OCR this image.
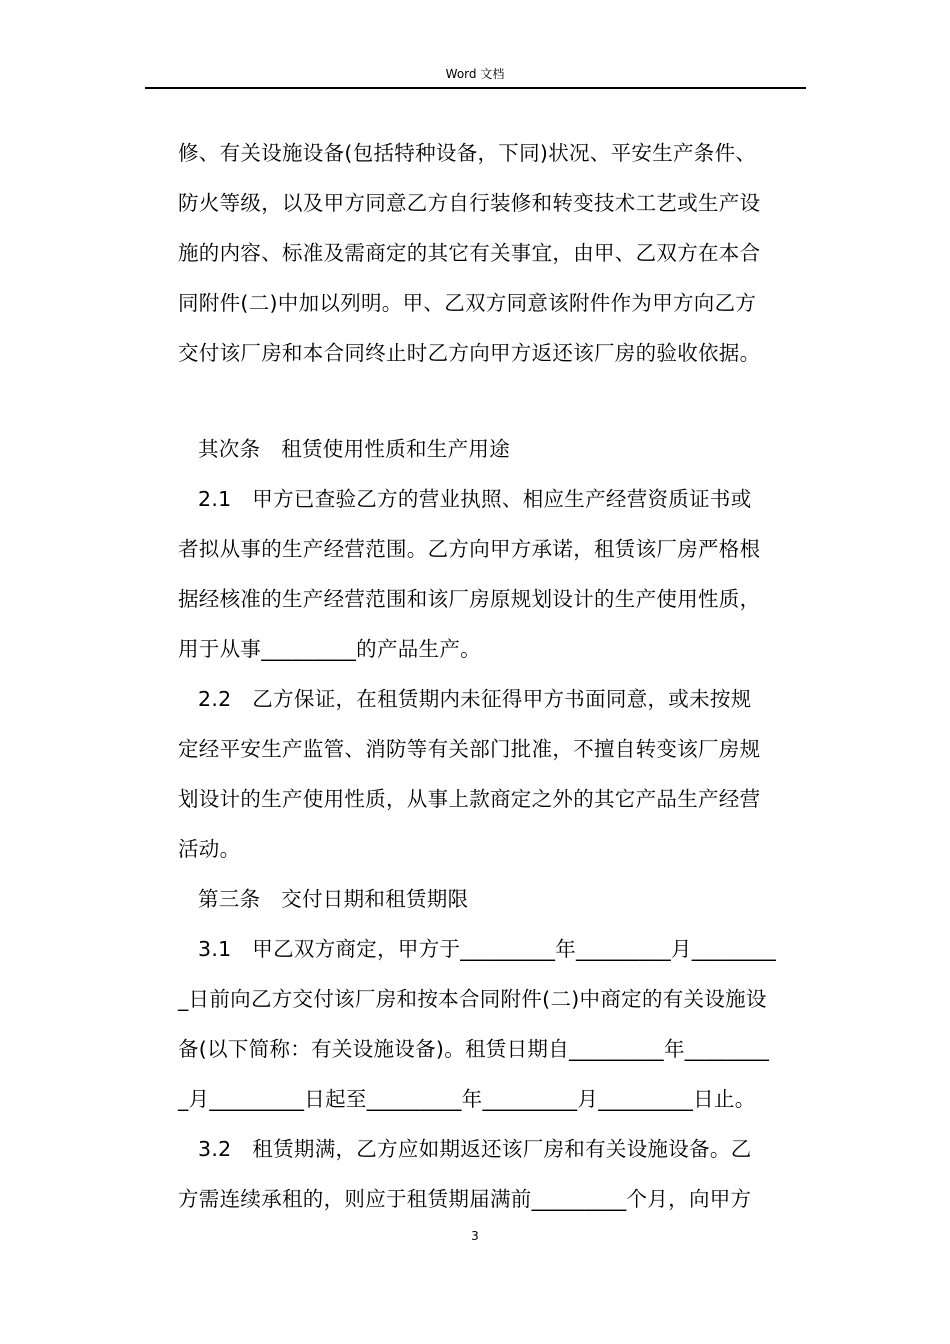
Word 文档
修、有关设施设备(包括特种设备，下同)状况、平安生产条件、
防火等级，以及甲方同意乙方自行装修和转变技术工艺或生产设
施的内容、标准及需商定的其它有关事宜，由甲、乙双方在本合
同附件(二)中加以列明。甲、乙双方同意该附件作为甲方向乙方
交付该厂房和本合同终止时乙方向甲方返还该厂房的验收依据。
其次条　租赁使用性质和生产用途
2.1　甲方已查验乙方的营业执照、相应生产经营资质证书或
者拟从事的生产经营范围。乙方向甲方承诺，租赁该厂房严格根
据经核准的生产经营范围和该厂房原规划设计的生产使用性质，
用于从事_________的产品生产。
2.2　乙方保证，在租赁期内未征得甲方书面同意，或未按规
定经平安生产监管、消防等有关部门批准，不擅自转变该厂房规
划设计的生产使用性质，从事上款商定之外的其它产品生产经营
活动。
第三条　交付日期和租赁期限
3.1　甲乙双方商定，甲方于_________年_________月________
_日前向乙方交付该厂房和按本合同附件(二)中商定的有关设施设
备(以下简称：有关设施设备)。租赁日期自_________年________
_月_________日起至_________年_________月_________日止。
3.2　租赁期满，乙方应如期返还该厂房和有关设施设备。乙
方需连续承租的，则应于租赁期届满前_________个月，向甲方
3
